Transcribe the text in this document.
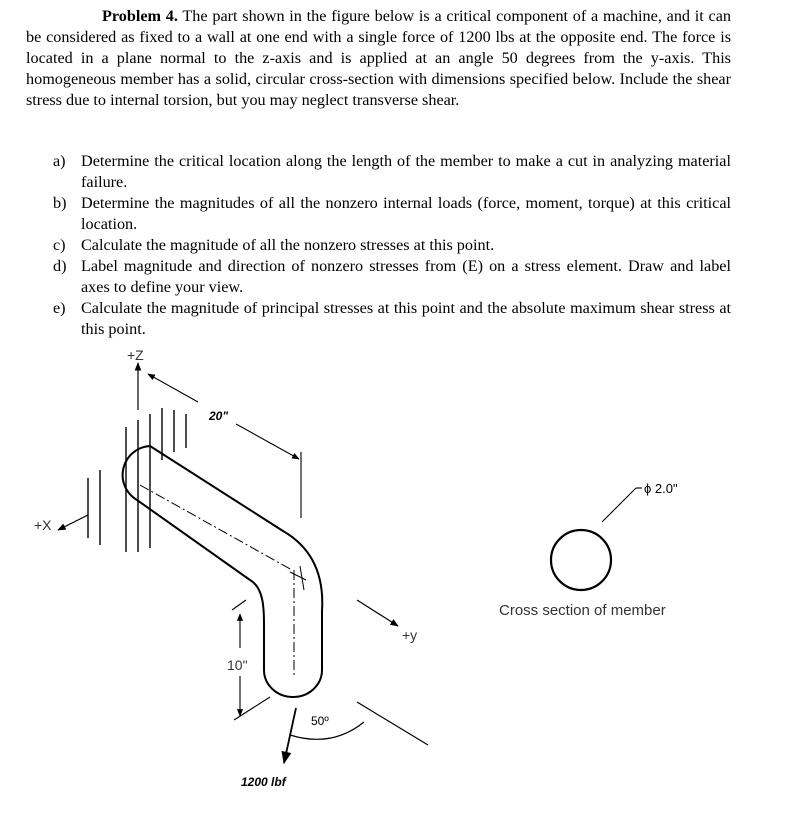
Problem 4. The part shown in the figure below is a critical component of a machine, and it can be considered as fixed to a wall at one end with a single force of 1200 lbs at the opposite end. The force is located in a plane normal to the z-axis and is applied at an angle 50 degrees from the y-axis. This homogeneous member has a solid, circular cross-section with dimensions specified below. Include the shear stress due to internal torsion, but you may neglect transverse shear.

a) Determine the critical location along the length of the member to make a cut in analyzing material failure.
b) Determine the magnitudes of all the nonzero internal loads (force, moment, torque) at this critical location.
c) Calculate the magnitude of all the nonzero stresses at this point.
d) Label magnitude and direction of nonzero stresses from (E) on a stress element. Draw and label axes to define your view.
e) Calculate the magnitude of principal stresses at this point and the absolute maximum shear stress at this point.
+Z
+X
+y
20"
10"
1200 lbf
50º
ϕ 2.0"
Cross section of member
